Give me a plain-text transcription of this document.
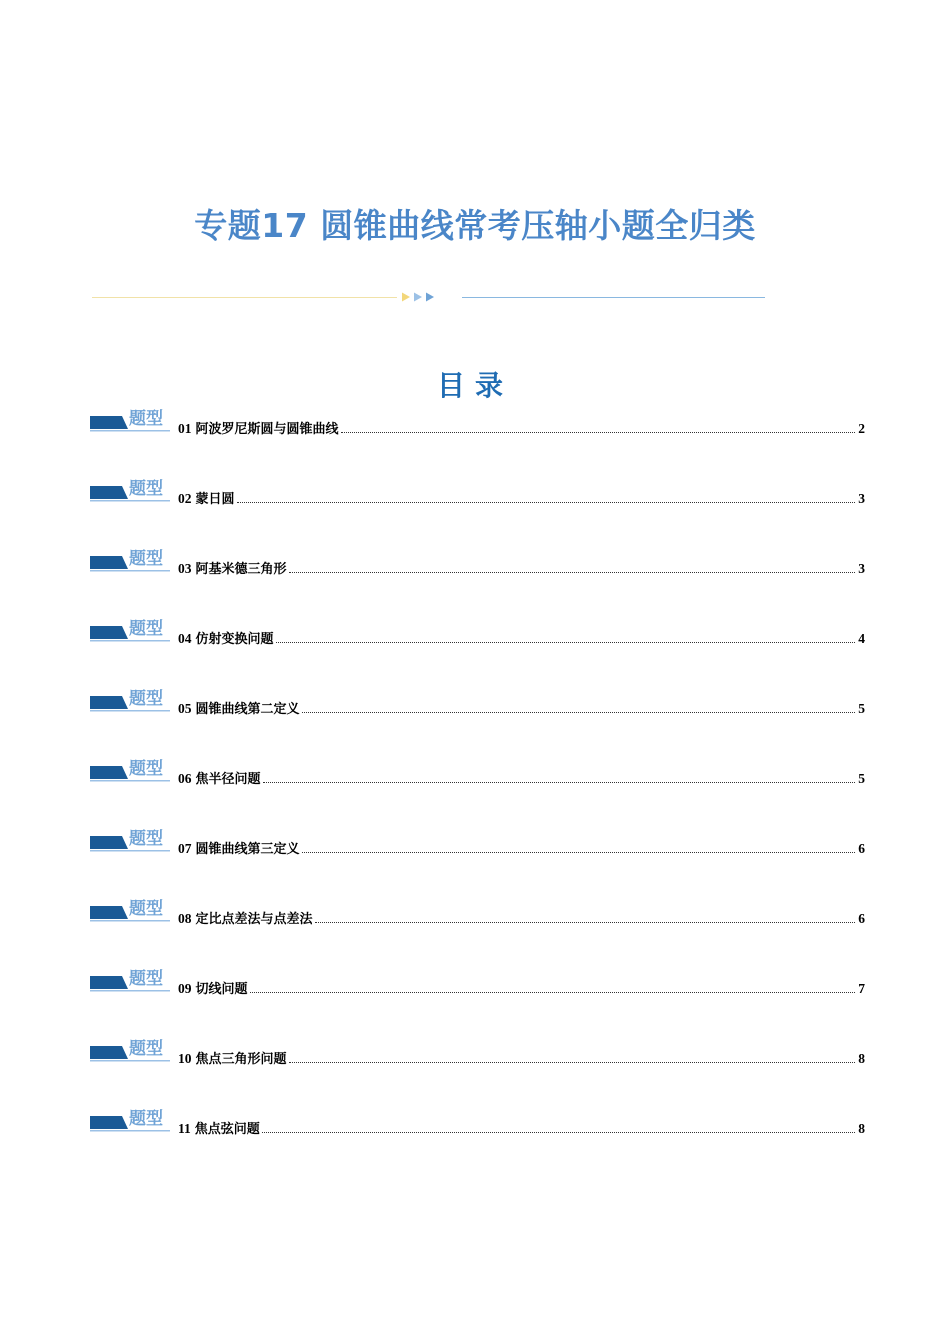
专题17 圆锥曲线常考压轴小题全归类
目录
题型 01 阿波罗尼斯圆与圆锥曲线	2
题型 02 蒙日圆	3
题型 03 阿基米德三角形	3
题型 04 仿射变换问题	4
题型 05 圆锥曲线第二定义	5
题型 06 焦半径问题	5
题型 07 圆锥曲线第三定义	6
题型 08 定比点差法与点差法	6
题型 09 切线问题	7
题型 10 焦点三角形问题	8
题型 11 焦点弦问题	8
